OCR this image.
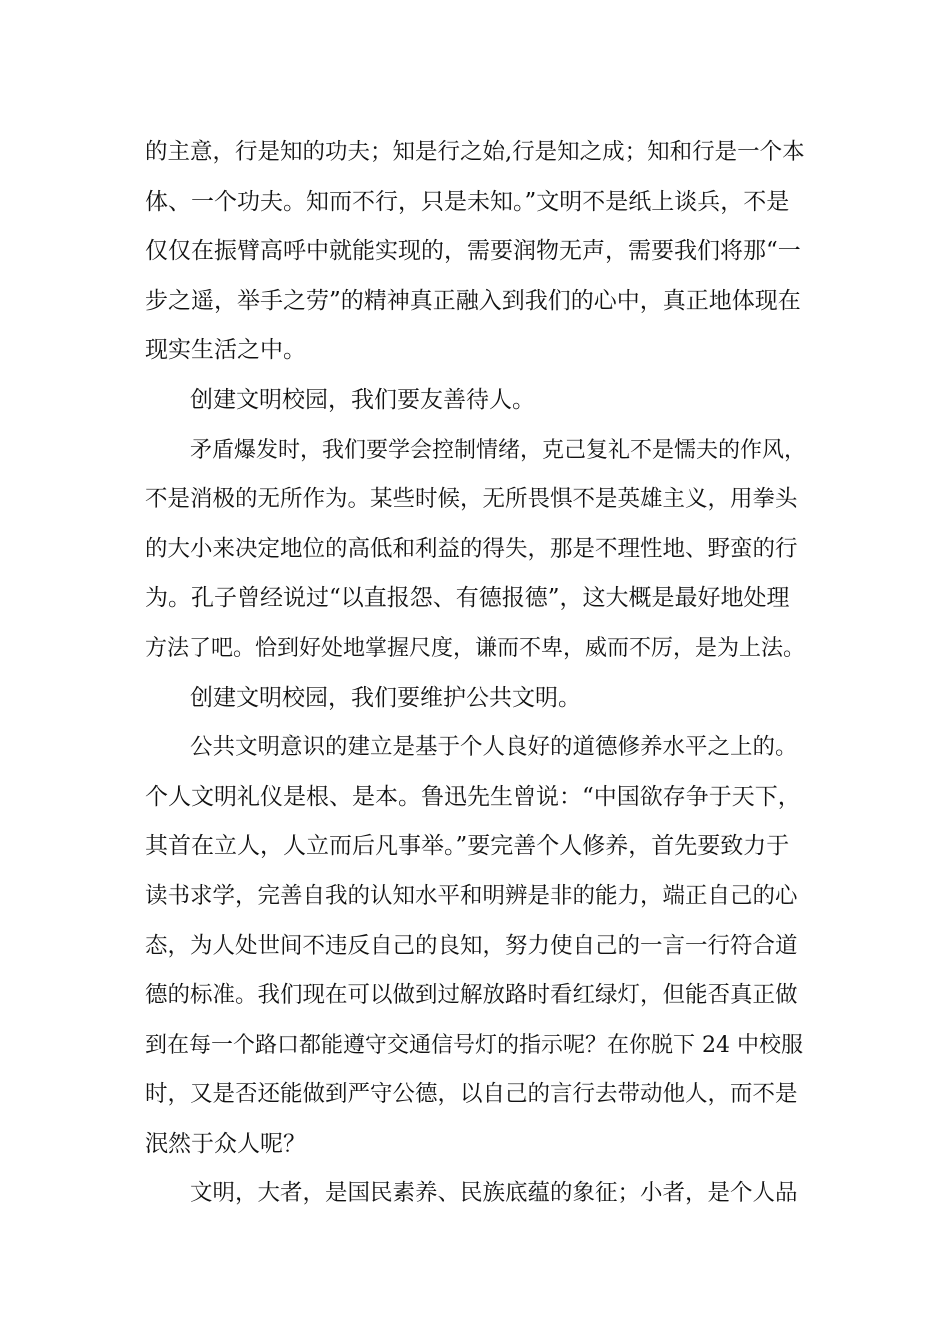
的主意，行是知的功夫；知是行之始,行是知之成；知和行是一个本
体、一个功夫。知而不行，只是未知。”文明不是纸上谈兵，不是
仅仅在振臂高呼中就能实现的，需要润物无声，需要我们将那“一
步之遥，举手之劳”的精神真正融入到我们的心中，真正地体现在
现实生活之中。
创建文明校园，我们要友善待人。
矛盾爆发时，我们要学会控制情绪，克己复礼不是懦夫的作风，
不是消极的无所作为。某些时候，无所畏惧不是英雄主义，用拳头
的大小来决定地位的高低和利益的得失，那是不理性地、野蛮的行
为。孔子曾经说过“以直报怨、有德报德”，这大概是最好地处理
方法了吧。恰到好处地掌握尺度，谦而不卑，威而不厉，是为上法。
创建文明校园，我们要维护公共文明。
公共文明意识的建立是基于个人良好的道德修养水平之上的。
个人文明礼仪是根、是本。鲁迅先生曾说：“中国欲存争于天下，
其首在立人，人立而后凡事举。”要完善个人修养，首先要致力于
读书求学，完善自我的认知水平和明辨是非的能力，端正自己的心
态，为人处世间不违反自己的良知，努力使自己的一言一行符合道
德的标准。我们现在可以做到过解放路时看红绿灯，但能否真正做
到在每一个路口都能遵守交通信号灯的指示呢？在你脱下 24 中校服
时，又是否还能做到严守公德，以自己的言行去带动他人，而不是
泯然于众人呢？
文明，大者，是国民素养、民族底蕴的象征；小者，是个人品
